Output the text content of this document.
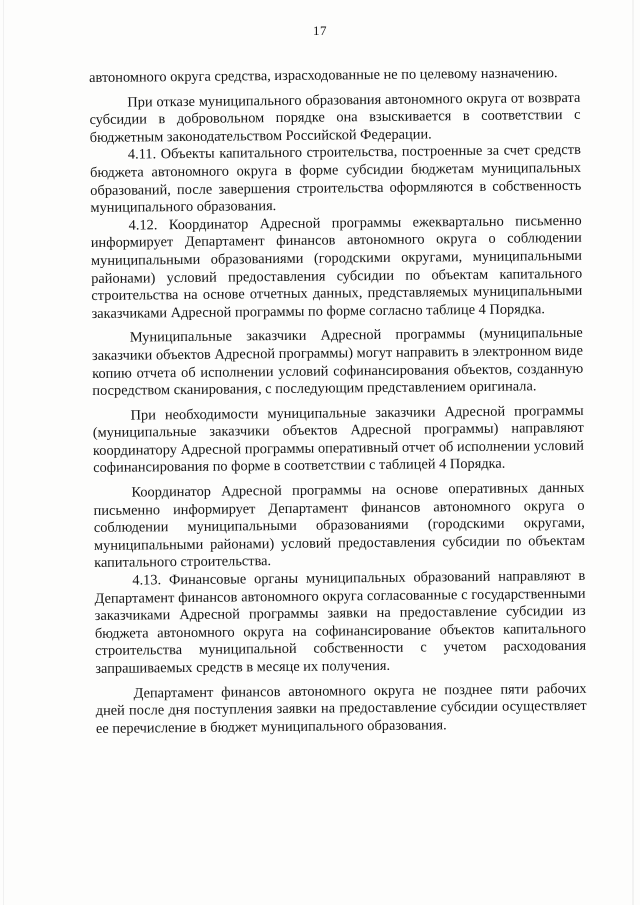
17

автономного округа средства, израсходованные не по целевому назначению.

При отказе муниципального образования автономного округа от возврата субсидии в добровольном порядке она взыскивается в соответствии с бюджетным законодательством Российской Федерации.

4.11. Объекты капитального строительства, построенные за счет средств бюджета автономного округа в форме субсидии бюджетам муниципальных образований, после завершения строительства оформляются в собственность муниципального образования.

4.12. Координатор Адресной программы ежеквартально письменно информирует Департамент финансов автономного округа о соблюдении муниципальными образованиями (городскими округами, муниципальными районами) условий предоставления субсидии по объектам капитального строительства на основе отчетных данных, представляемых муниципальными заказчиками Адресной программы по форме согласно таблице 4 Порядка.

Муниципальные заказчики Адресной программы (муниципальные заказчики объектов Адресной программы) могут направить в электронном виде копию отчета об исполнении условий софинансирования объектов, созданную посредством сканирования, с последующим представлением оригинала.

При необходимости муниципальные заказчики Адресной программы (муниципальные заказчики объектов Адресной программы) направляют координатору Адресной программы оперативный отчет об исполнении условий софинансирования по форме в соответствии с таблицей 4 Порядка.

Координатор Адресной программы на основе оперативных данных письменно информирует Департамент финансов автономного округа о соблюдении муниципальными образованиями (городскими округами, муниципальными районами) условий предоставления субсидии по объектам капитального строительства.

4.13. Финансовые органы муниципальных образований направляют в Департамент финансов автономного округа согласованные с государственными заказчиками Адресной программы заявки на предоставление субсидии из бюджета автономного округа на софинансирование объектов капитального строительства муниципальной собственности с учетом расходования запрашиваемых средств в месяце их получения.

Департамент финансов автономного округа не позднее пяти рабочих дней после дня поступления заявки на предоставление субсидии осуществляет ее перечисление в бюджет муниципального образования.
